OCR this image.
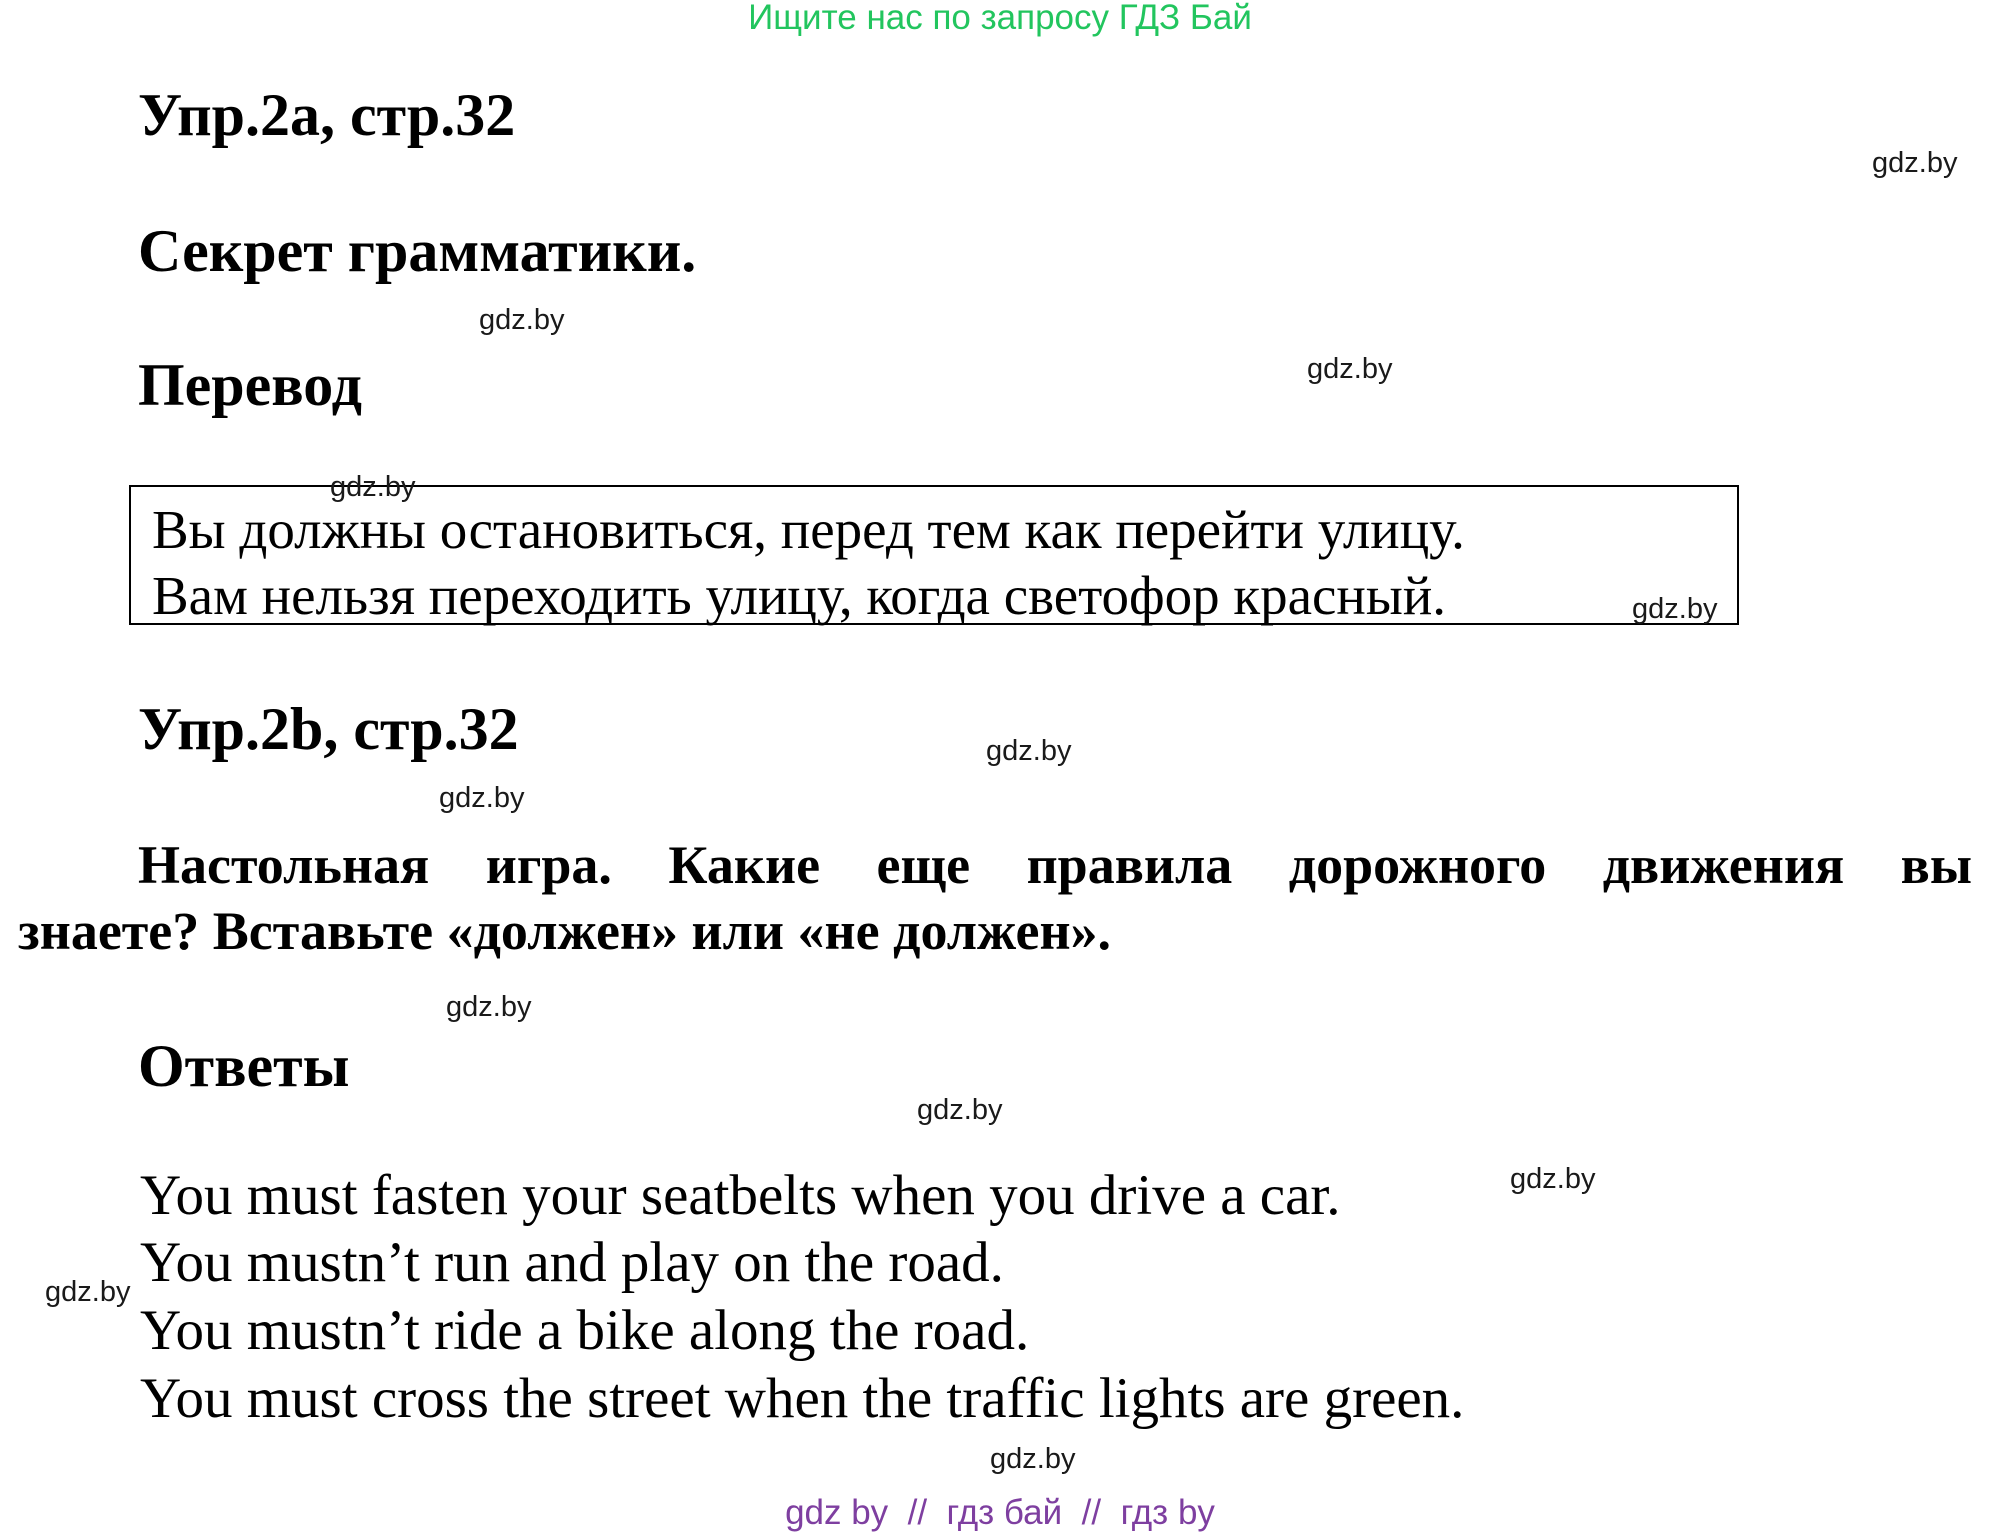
Ищите нас по запросу ГДЗ Бай
Упр.2a, стр.32
Секрет грамматики.
Перевод
Вы должны остановиться, перед тем как перейти улицу.
Вам нельзя переходить улицу, когда светофор красный.
Упр.2b, стр.32
Настольная игра. Какие еще правила дорожного движения вы
знаете? Вставьте «должен» или «не должен».
Ответы
You must fasten your seatbelts when you drive a car.
You mustn’t run and play on the road.
You mustn’t ride a bike along the road.
You must cross the street when the traffic lights are green.
gdz.by
gdz.by
gdz.by
gdz.by
gdz.by
gdz.by
gdz.by
gdz.by
gdz.by
gdz.by
gdz.by
gdz.by
gdz by  //  гдз бай  //  гдз by
